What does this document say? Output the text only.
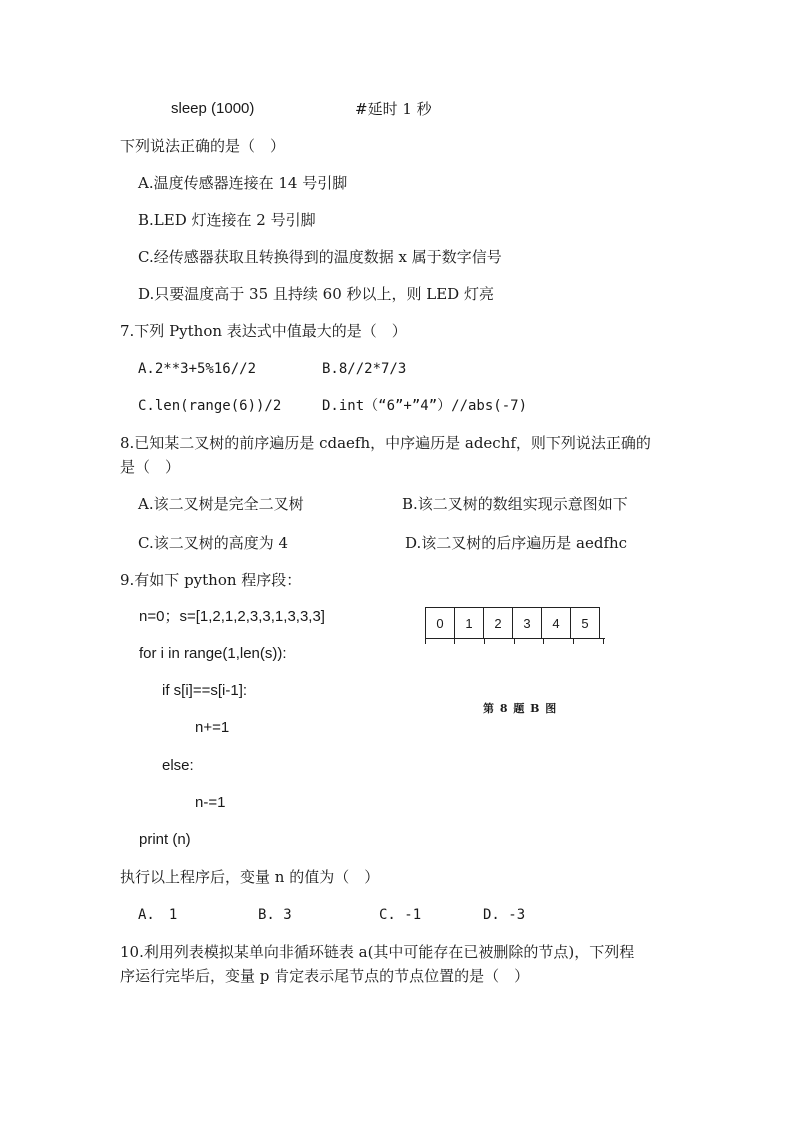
sleep (1000)	#延时 1 秒
下列说法正确的是（　）
A.温度传感器连接在 14 号引脚
B.LED 灯连接在 2 号引脚
C.经传感器获取且转换得到的温度数据 x 属于数字信号
D.只要温度高于 35 且持续 60 秒以上，则 LED 灯亮
7.下列 Python 表达式中值最大的是（　）
A.2**3+5%16//2	B.8//2*7/3
C.len(range(6))/2	D.int（“6”+”4”）//abs(-7)
8.已知某二叉树的前序遍历是 cdaefh，中序遍历是 adechf，则下列说法正确的
是（　）
A.该二叉树是完全二叉树	B.该二叉树的数组实现示意图如下
C.该二叉树的高度为 4	D.该二叉树的后序遍历是 aedfhc
9.有如下 python 程序段：
n=0；s=[1,2,1,2,3,3,1,3,3,3]
for i in range(1,len(s)):
if s[i]==s[i-1]:
n+=1
else:
n-=1
print (n)
0	1	2	3	4	5
第 8 题 B 图
执行以上程序后，变量 n 的值为（　）
A.　1	B. 3	C. -1	D. -3
10.利用列表模拟某单向非循环链表 a(其中可能存在已被删除的节点)，下列程
序运行完毕后，变量 p 肯定表示尾节点的节点位置的是（　）
